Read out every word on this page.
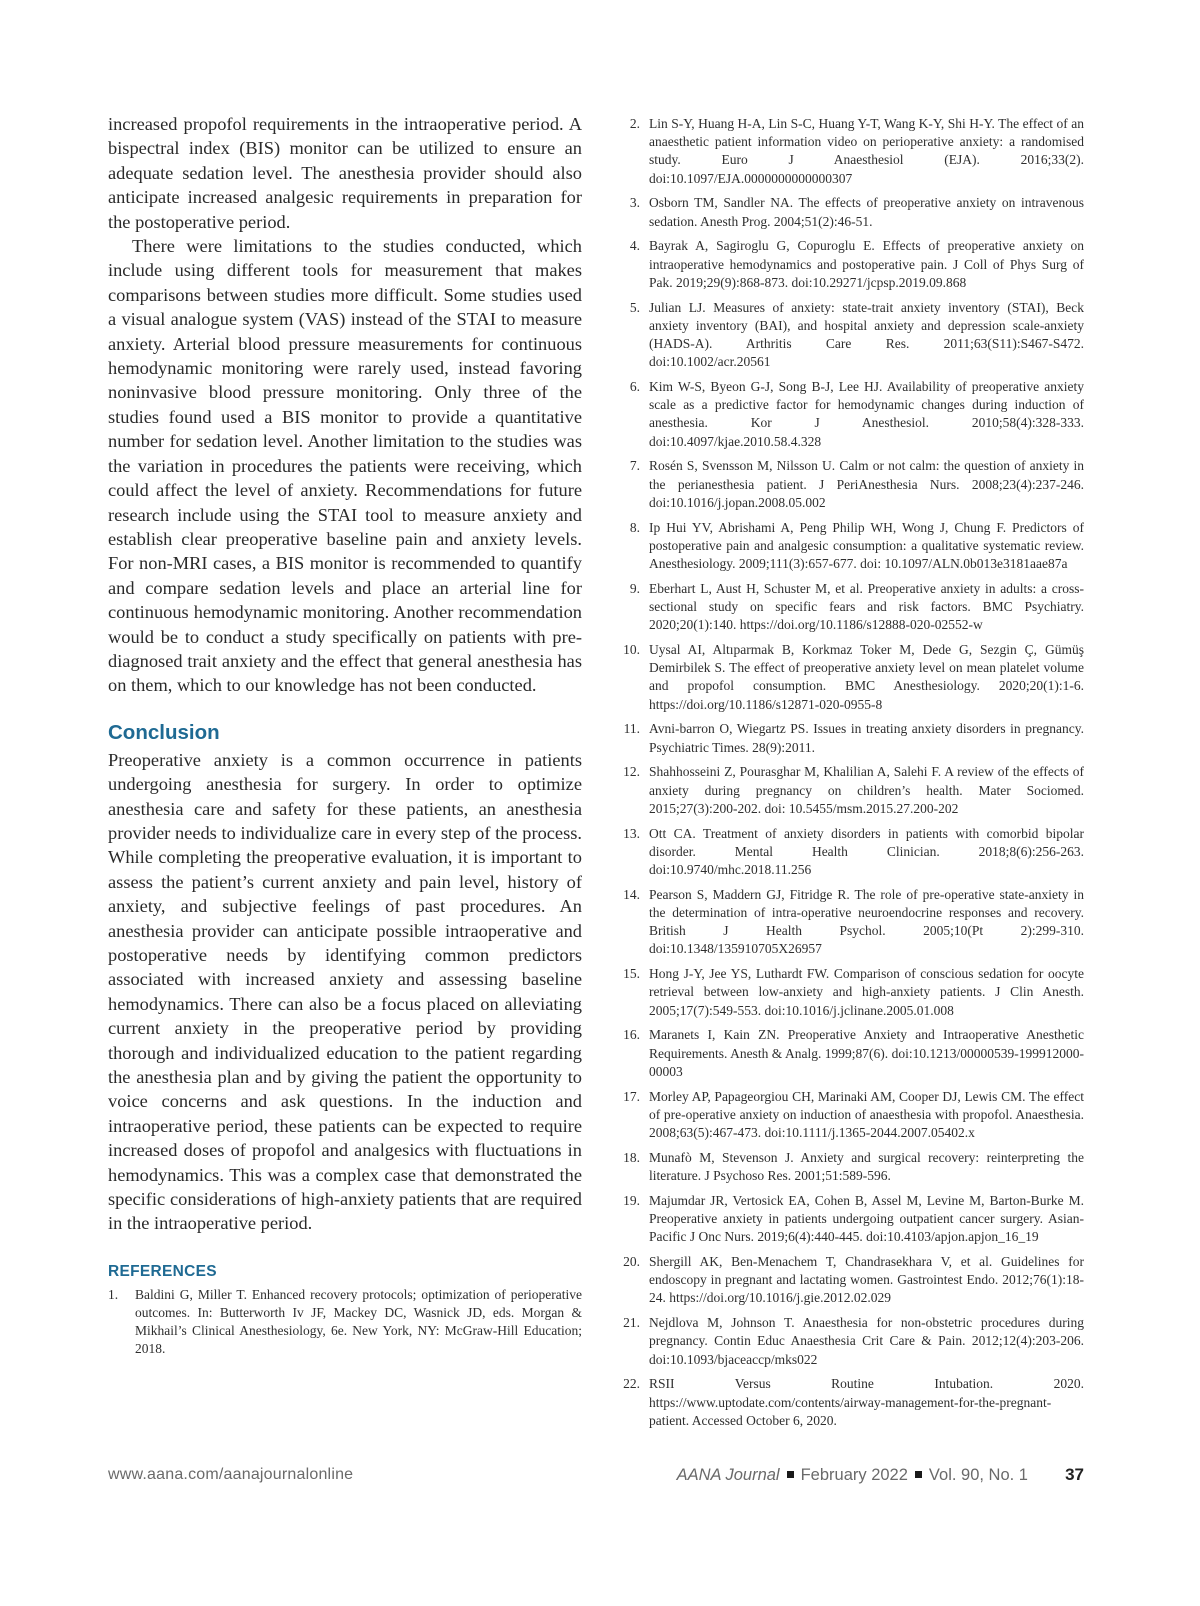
increased propofol requirements in the intraoperative period. A bispectral index (BIS) monitor can be utilized to ensure an adequate sedation level. The anesthesia provider should also anticipate increased analgesic requirements in preparation for the postoperative period.

There were limitations to the studies conducted, which include using different tools for measurement that makes comparisons between studies more difficult. Some studies used a visual analogue system (VAS) instead of the STAI to measure anxiety. Arterial blood pressure measurements for continuous hemodynamic monitoring were rarely used, instead favoring noninvasive blood pressure monitoring. Only three of the studies found used a BIS monitor to provide a quantitative number for sedation level. Another limitation to the studies was the variation in procedures the patients were receiving, which could affect the level of anxiety. Recommendations for future research include using the STAI tool to measure anxiety and establish clear preoperative baseline pain and anxiety levels. For non-MRI cases, a BIS monitor is recommended to quantify and compare sedation levels and place an arterial line for continuous hemodynamic monitoring. Another recommendation would be to conduct a study specifically on patients with pre-diagnosed trait anxiety and the effect that general anesthesia has on them, which to our knowledge has not been conducted.

Conclusion

Preoperative anxiety is a common occurrence in patients undergoing anesthesia for surgery. In order to optimize anesthesia care and safety for these patients, an anesthesia provider needs to individualize care in every step of the process. While completing the preoperative evaluation, it is important to assess the patient’s current anxiety and pain level, history of anxiety, and subjective feelings of past procedures. An anesthesia provider can anticipate possible intraoperative and postoperative needs by identifying common predictors associated with increased anxiety and assessing baseline hemodynamics. There can also be a focus placed on alleviating current anxiety in the preoperative period by providing thorough and individualized education to the patient regarding the anesthesia plan and by giving the patient the opportunity to voice concerns and ask questions. In the induction and intraoperative period, these patients can be expected to require increased doses of propofol and analgesics with fluctuations in hemodynamics. This was a complex case that demonstrated the specific considerations of high-anxiety patients that are required in the intraoperative period.

REFERENCES
1.	Baldini G, Miller T. Enhanced recovery protocols; optimization of perioperative outcomes. In: Butterworth Iv JF, Mackey DC, Wasnick JD, eds. Morgan & Mikhail’s Clinical Anesthesiology, 6e. New York, NY: McGraw-Hill Education; 2018.
2. Lin S-Y, Huang H-A, Lin S-C, Huang Y-T, Wang K-Y, Shi H-Y. The effect of an anaesthetic patient information video on perioperative anxiety: a randomised study. Euro J Anaesthesiol (EJA). 2016;33(2). doi:10.1097/EJA.0000000000000307
3. Osborn TM, Sandler NA. The effects of preoperative anxiety on intravenous sedation. Anesth Prog. 2004;51(2):46-51.
4. Bayrak A, Sagiroglu G, Copuroglu E. Effects of preoperative anxiety on intraoperative hemodynamics and postoperative pain. J Coll of Phys Surg of Pak. 2019;29(9):868-873. doi:10.29271/jcpsp.2019.09.868
5. Julian LJ. Measures of anxiety: state-trait anxiety inventory (STAI), Beck anxiety inventory (BAI), and hospital anxiety and depression scale-anxiety (HADS-A). Arthritis Care Res. 2011;63(S11):S467-S472. doi:10.1002/acr.20561
6. Kim W-S, Byeon G-J, Song B-J, Lee HJ. Availability of preoperative anxiety scale as a predictive factor for hemodynamic changes during induction of anesthesia. Kor J Anesthesiol. 2010;58(4):328-333. doi:10.4097/kjae.2010.58.4.328
7. Rosén S, Svensson M, Nilsson U. Calm or not calm: the question of anxiety in the perianesthesia patient. J PeriAnesthesia Nurs. 2008;23(4):237-246. doi:10.1016/j.jopan.2008.05.002
8. Ip Hui YV, Abrishami A, Peng Philip WH, Wong J, Chung F. Predictors of postoperative pain and analgesic consumption: a qualitative systematic review. Anesthesiology. 2009;111(3):657-677. doi: 10.1097/ALN.0b013e3181aae87a
9. Eberhart L, Aust H, Schuster M, et al. Preoperative anxiety in adults: a cross-sectional study on specific fears and risk factors. BMC Psychiatry. 2020;20(1):140. https://doi.org/10.1186/s12888-020-02552-w
10. Uysal AI, Altıparmak B, Korkmaz Toker M, Dede G, Sezgin Ç, Gümüş Demirbilek S. The effect of preoperative anxiety level on mean platelet volume and propofol consumption. BMC Anesthesiology. 2020;20(1):1-6. https://doi.org/10.1186/s12871-020-0955-8
11. Avni-barron O, Wiegartz PS. Issues in treating anxiety disorders in pregnancy. Psychiatric Times. 28(9):2011.
12. Shahhosseini Z, Pourasghar M, Khalilian A, Salehi F. A review of the effects of anxiety during pregnancy on children’s health. Mater Sociomed. 2015;27(3):200-202. doi: 10.5455/msm.2015.27.200-202
13. Ott CA. Treatment of anxiety disorders in patients with comorbid bipolar disorder. Mental Health Clinician. 2018;8(6):256-263. doi:10.9740/mhc.2018.11.256
14. Pearson S, Maddern GJ, Fitridge R. The role of pre-operative state-anxiety in the determination of intra-operative neuroendocrine responses and recovery. British J Health Psychol. 2005;10(Pt 2):299-310. doi:10.1348/135910705X26957
15. Hong J-Y, Jee YS, Luthardt FW. Comparison of conscious sedation for oocyte retrieval between low-anxiety and high-anxiety patients. J Clin Anesth. 2005;17(7):549-553. doi:10.1016/j.jclinane.2005.01.008
16. Maranets I, Kain ZN. Preoperative Anxiety and Intraoperative Anesthetic Requirements. Anesth & Analg. 1999;87(6). doi:10.1213/00000539-199912000-00003
17. Morley AP, Papageorgiou CH, Marinaki AM, Cooper DJ, Lewis CM. The effect of pre-operative anxiety on induction of anaesthesia with propofol. Anaesthesia. 2008;63(5):467-473. doi:10.1111/j.1365-2044.2007.05402.x
18. Munafò M, Stevenson J. Anxiety and surgical recovery: reinterpreting the literature. J Psychoso Res. 2001;51:589-596.
19. Majumdar JR, Vertosick EA, Cohen B, Assel M, Levine M, Barton-Burke M. Preoperative anxiety in patients undergoing outpatient cancer surgery. Asian- Pacific J Onc Nurs. 2019;6(4):440-445. doi:10.4103/apjon.apjon_16_19
20. Shergill AK, Ben-Menachem T, Chandrasekhara V, et al. Guidelines for endoscopy in pregnant and lactating women. Gastrointest Endo. 2012;76(1):18-24. https://doi.org/10.1016/j.gie.2012.02.029
21. Nejdlova M, Johnson T. Anaesthesia for non-obstetric procedures during pregnancy. Contin Educ Anaesthesia Crit Care & Pain. 2012;12(4):203-206. doi:10.1093/bjaceaccp/mks022
22. RSII Versus Routine Intubation. 2020. https://www.uptodate.com/contents/airway-management-for-the-pregnant-patient. Accessed October 6, 2020.
www.aana.com/aanajournalonline	AANA Journal February 2022 Vol. 90, No. 1 37
